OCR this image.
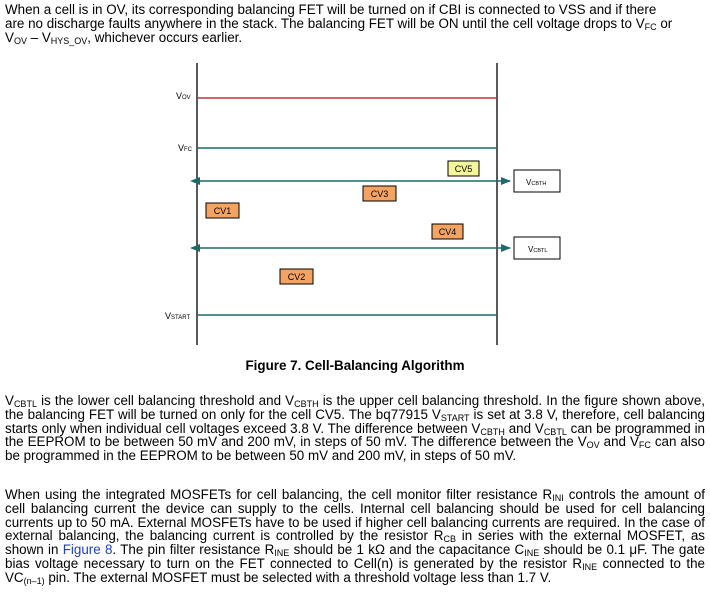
When a cell is in OV, its corresponding balancing FET will be turned on if CBI is connected to VSS and if there
are no discharge faults anywhere in the stack. The balancing FET will be ON until the cell voltage drops to $V_{FC}$ or
$V_{OV} - V_{HYS\_OV}$, whichever occurs earlier.
VOV
VFC
CV5
VCBTH
CV3
CV1
CV4
VCBTL
CV2
VSTART
Figure 7. Cell-Balancing Algorithm
$V_{CBTL}$ is the lower cell balancing threshold and $V_{CBTH}$ is the upper cell balancing threshold. In the figure shown above, the balancing FET will be turned on only for the cell CV5. The bq77915 $V_{START}$ is set at 3.8 V, therefore, cell balancing starts only when individual cell voltages exceed 3.8 V. The difference between $V_{CBTH}$ and $V_{CBTL}$ can be programmed in the EEPROM to be between 50 mV and 200 mV, in steps of 50 mV. The difference between the $V_{OV}$ and $V_{FC}$ can also be programmed in the EEPROM to be between 50 mV and 200 mV, in steps of 50 mV.
When using the integrated MOSFETs for cell balancing, the cell monitor filter resistance $R_{INI}$ controls the amount of cell balancing current the device can supply to the cells. Internal cell balancing should be used for cell balancing currents up to 50 mA. External MOSFETs have to be used if higher cell balancing currents are required. In the case of external balancing, the balancing current is controlled by the resistor $R_{CB}$ in series with the external MOSFET, as shown in Figure 8. The pin filter resistance $R_{INE}$ should be 1 kΩ and the capacitance $C_{INE}$ should be 0.1 μF. The gate bias voltage necessary to turn on the FET connected to Cell(n) is generated by the resistor $R_{INE}$ connected to the $VC_{(n-1)}$ pin. The external MOSFET must be selected with a threshold voltage less than 1.7 V.
